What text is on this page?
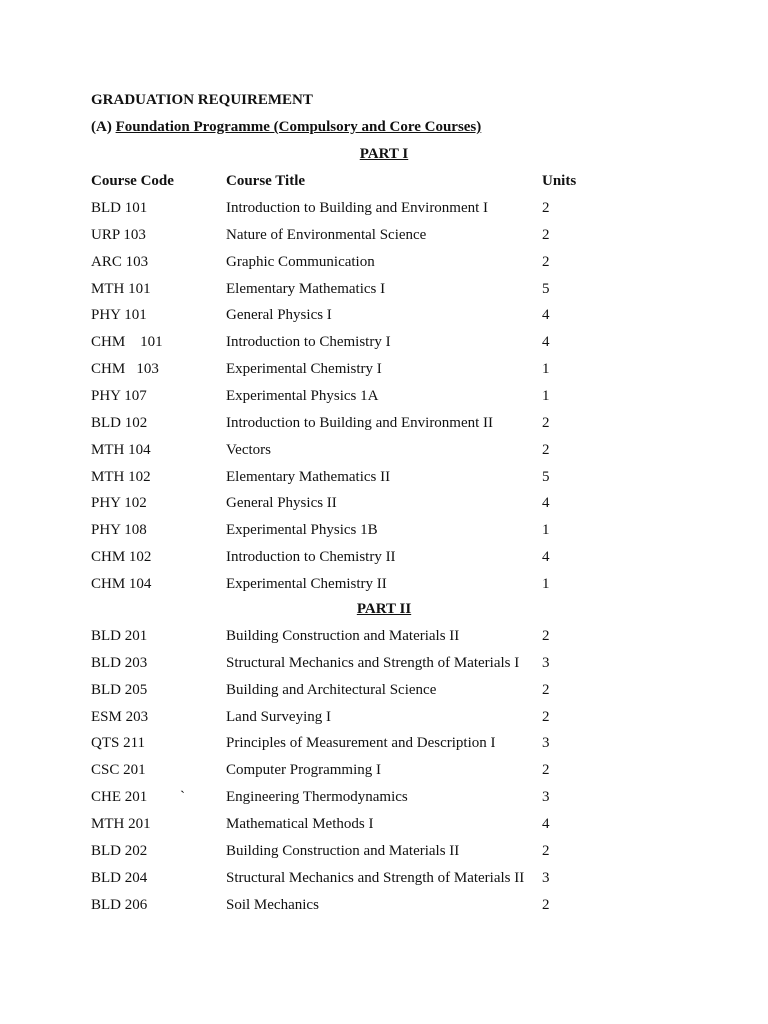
GRADUATION REQUIREMENT
(A) Foundation Programme (Compulsory and Core Courses)
PART I
Course Code	Course Title	Units
BLD 101	Introduction to Building and Environment I	2
URP 103	Nature of Environmental Science	2
ARC 103	Graphic Communication	2
MTH 101	Elementary Mathematics I	5
PHY 101	General Physics I	4
CHM    101	Introduction to Chemistry I	4
CHM   103	Experimental Chemistry I	1
PHY 107	Experimental Physics 1A	1
BLD 102	Introduction to Building and Environment II	2
MTH 104	Vectors	2
MTH 102	Elementary Mathematics II	5
PHY 102	General Physics II	4
PHY 108	Experimental Physics 1B	1
CHM 102	Introduction to Chemistry II	4
CHM 104	Experimental Chemistry II	1
PART II
BLD 201	Building Construction and Materials II	2
BLD 203	Structural Mechanics and Strength of Materials I 3
BLD 205	Building and Architectural Science	2
ESM 203	Land Surveying I	2
QTS 211	Principles of Measurement and Description I	3
CSC 201	Computer Programming I	2
CHE 201 `	Engineering Thermodynamics	3
MTH 201	Mathematical Methods I	4
BLD 202	Building Construction and Materials II	2
BLD 204	Structural Mechanics and Strength of Materials II 3
BLD 206	Soil Mechanics	2
